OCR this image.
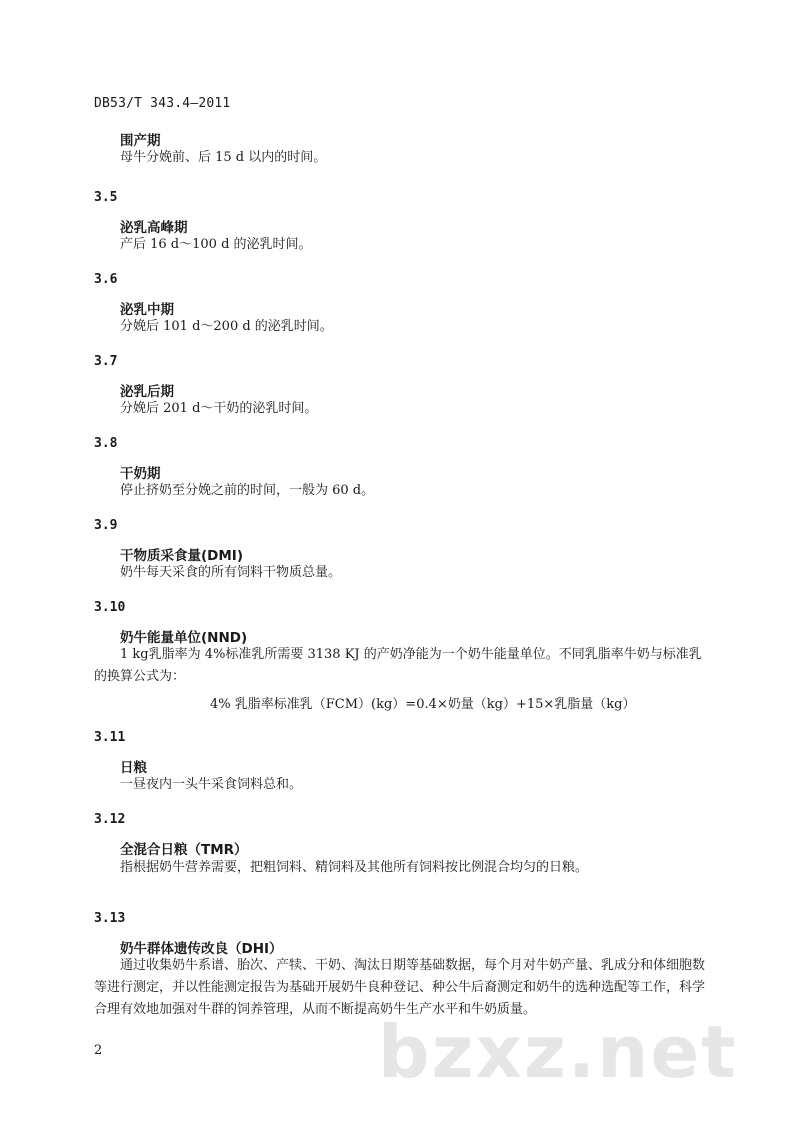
DB53/T 343.4—2011
围产期
母牛分娩前、后 15 d 以内的时间。
3.5
泌乳高峰期
产后 16 d～100 d 的泌乳时间。
3.6
泌乳中期
分娩后 101 d～200 d 的泌乳时间。
3.7
泌乳后期
分娩后 201 d～干奶的泌乳时间。
3.8
干奶期
停止挤奶至分娩之前的时间，一般为 60 d。
3.9
干物质采食量(DMI)
奶牛每天采食的所有饲料干物质总量。
3.10
奶牛能量单位(NND)
1 kg乳脂率为 4%标准乳所需要 3138 KJ 的产奶净能为一个奶牛能量单位。不同乳脂率牛奶与标准乳的换算公式为：
4% 乳脂率标准乳（FCM）(kg）=0.4×奶量（kg）+15×乳脂量（kg）
3.11
日粮
一昼夜内一头牛采食饲料总和。
3.12
全混合日粮（TMR）
指根据奶牛营养需要，把粗饲料、精饲料及其他所有饲料按比例混合均匀的日粮。
3.13
奶牛群体遗传改良（DHI）
通过收集奶牛系谱、胎次、产犊、干奶、淘汰日期等基础数据，每个月对牛奶产量、乳成分和体细胞数等进行测定，并以性能测定报告为基础开展奶牛良种登记、种公牛后裔测定和奶牛的选种选配等工作，科学合理有效地加强对牛群的饲养管理，从而不断提高奶牛生产水平和牛奶质量。
bzxz.net
2
